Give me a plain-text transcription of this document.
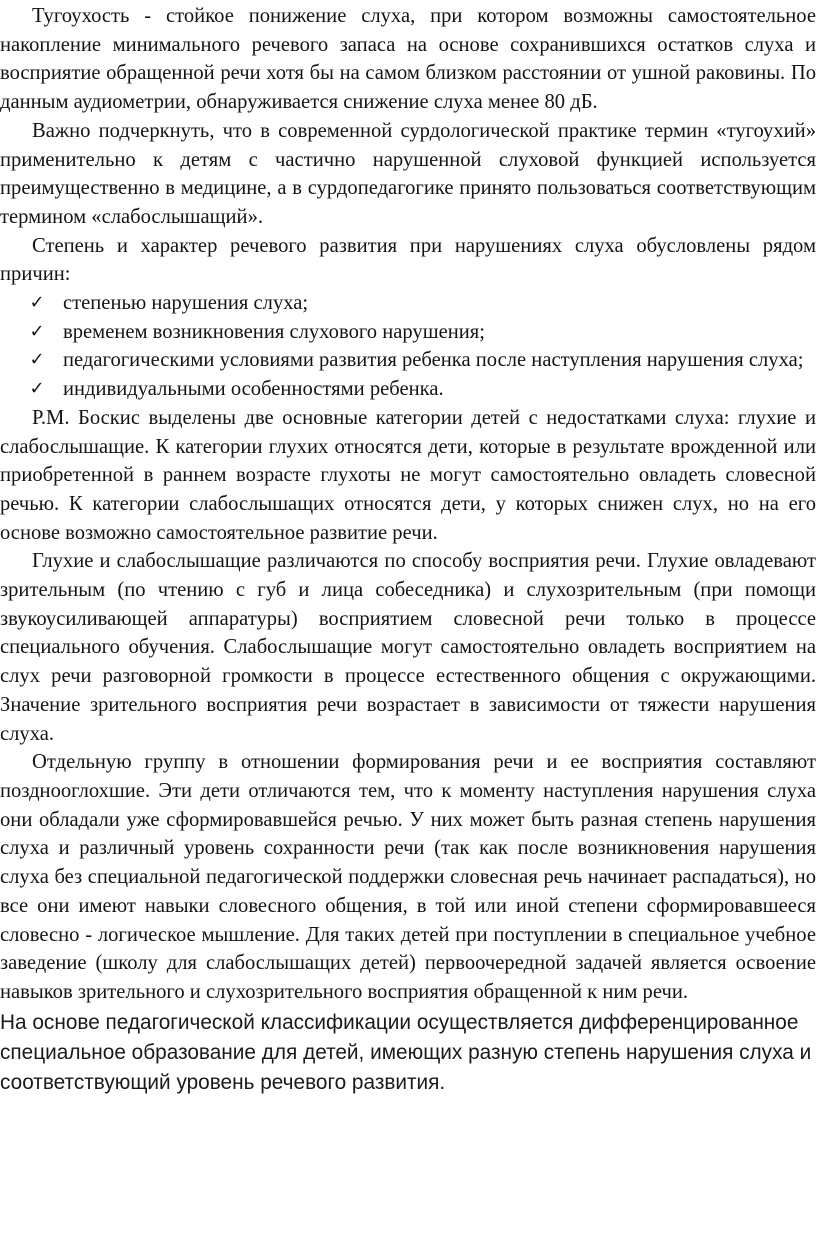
Тугоухость - стойкое понижение слуха, при котором возможны самостоятельное накопление минимального речевого запаса на основе сохранившихся остатков слуха и восприятие обращенной речи хотя бы на самом близком расстоянии от ушной раковины. По данным аудиометрии, обнаруживается снижение слуха менее 80 дБ.

Важно подчеркнуть, что в современной сурдологической практике термин «тугоухий» применительно к детям с частично нарушенной слуховой функцией используется преимущественно в медицине, а в сурдопедагогике принято пользоваться соответствующим термином «слабослышащий».

Степень и характер речевого развития при нарушениях слуха обусловлены рядом причин:

✓ степенью нарушения слуха;
✓ временем возникновения слухового нарушения;
✓ педагогическими условиями развития ребенка после наступления нарушения слуха;
✓ индивидуальными особенностями ребенка.

Р.М. Боскис выделены две основные категории детей с недостатками слуха: глухие и слабослышащие. К категории глухих относятся дети, которые в результате врожденной или приобретенной в раннем возрасте глухоты не могут самостоятельно овладеть словесной речью. К категории слабослышащих относятся дети, у которых снижен слух, но на его основе возможно самостоятельное развитие речи.

Глухие и слабослышащие различаются по способу восприятия речи. Глухие овладевают зрительным (по чтению с губ и лица собеседника) и слухозрительным (при помощи звукоусиливающей аппаратуры) восприятием словесной речи только в процессе специального обучения. Слабослышащие могут самостоятельно овладеть восприятием на слух речи разговорной громкости в процессе естественного общения с окружающими. Значение зрительного восприятия речи возрастает в зависимости от тяжести нарушения слуха.

Отдельную группу в отношении формирования речи и ее восприятия составляют позднооглохшие. Эти дети отличаются тем, что к моменту наступления нарушения слуха они обладали уже сформировавшейся речью. У них может быть разная степень нарушения слуха и различный уровень сохранности речи (так как после возникновения нарушения слуха без специальной педагогической поддержки словесная речь начинает распадаться), но все они имеют навыки словесного общения, в той или иной степени сформировавшееся словесно - логическое мышление. Для таких детей при поступлении в специальное учебное заведение (школу для слабослышащих детей) первоочередной задачей является освоение навыков зрительного и слухозрительного восприятия обращенной к ним речи.

На основе педагогической классификации осуществляется дифференцированное специальное образование для детей, имеющих разную степень нарушения слуха и соответствующий уровень речевого развития.
